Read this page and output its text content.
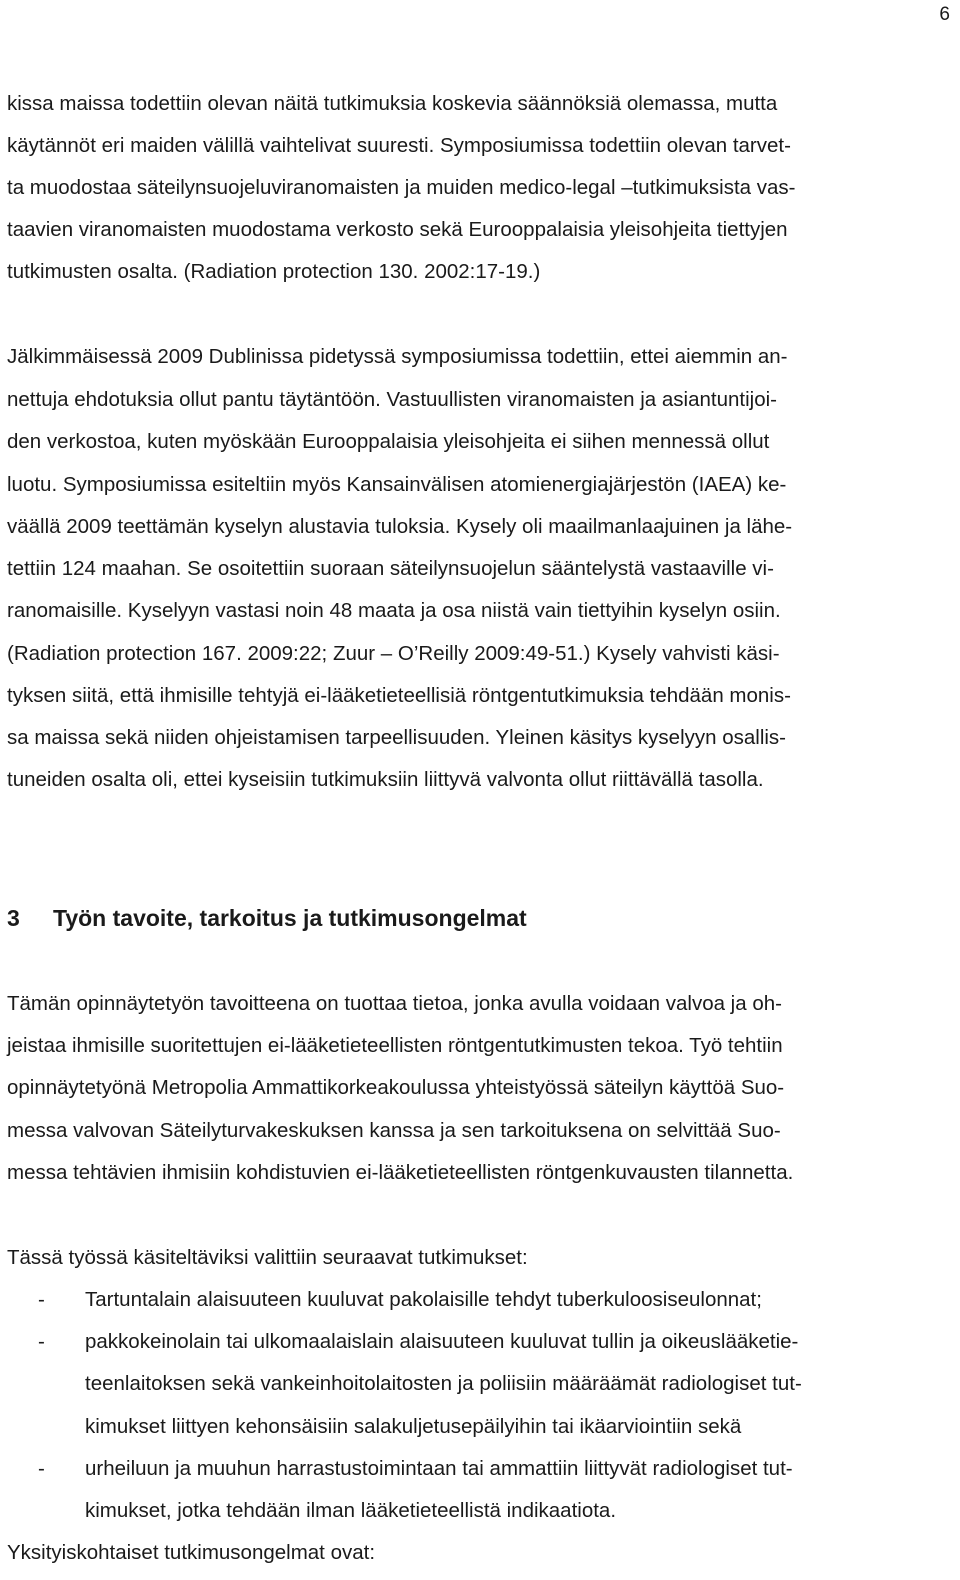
6
kissa maissa todettiin olevan näitä tutkimuksia koskevia säännöksiä olemassa, mutta
käytännöt eri maiden välillä vaihtelivat suuresti. Symposiumissa todettiin olevan tarvet-
ta muodostaa säteilynsuojeluviranomaisten ja muiden medico-legal –tutkimuksista vas-
taavien viranomaisten muodostama verkosto sekä Eurooppalaisia yleisohjeita tiettyjen
tutkimusten osalta. (Radiation protection 130. 2002:17-19.)
Jälkimmäisessä 2009 Dublinissa pidetyssä symposiumissa todettiin, ettei aiemmin an-
nettuja ehdotuksia ollut pantu täytäntöön. Vastuullisten viranomaisten ja asiantuntijoi-
den verkostoa, kuten myöskään Eurooppalaisia yleisohjeita ei siihen mennessä ollut
luotu. Symposiumissa esiteltiin myös Kansainvälisen atomienergiajärjestön (IAEA) ke-
väällä 2009 teettämän kyselyn alustavia tuloksia. Kysely oli maailmanlaajuinen ja lähe-
tettiin 124 maahan. Se osoitettiin suoraan säteilynsuojelun sääntelystä vastaaville vi-
ranomaisille. Kyselyyn vastasi noin 48 maata ja osa niistä vain tiettyihin kyselyn osiin.
(Radiation protection 167. 2009:22; Zuur – O’Reilly 2009:49-51.) Kysely vahvisti käsi-
tyksen siitä, että ihmisille tehtyjä ei-lääketieteellisiä röntgentutkimuksia tehdään monis-
sa maissa sekä niiden ohjeistamisen tarpeellisuuden. Yleinen käsitys kyselyyn osallis-
tuneiden osalta oli, ettei kyseisiin tutkimuksiin liittyvä valvonta ollut riittävällä tasolla.
3 Työn tavoite, tarkoitus ja tutkimusongelmat
Tämän opinnäytetyön tavoitteena on tuottaa tietoa, jonka avulla voidaan valvoa ja oh-
jeistaa ihmisille suoritettujen ei-lääketieteellisten röntgentutkimusten tekoa. Työ tehtiin
opinnäytetyönä Metropolia Ammattikorkeakoulussa yhteistyössä säteilyn käyttöä Suo-
messa valvovan Säteilyturvakeskuksen kanssa ja sen tarkoituksena on selvittää Suo-
messa tehtävien ihmisiin kohdistuvien ei-lääketieteellisten röntgenkuvausten tilannetta.
Tässä työssä käsiteltäviksi valittiin seuraavat tutkimukset:
- Tartuntalain alaisuuteen kuuluvat pakolaisille tehdyt tuberkuloosiseulonnat;
- pakkokeinolain tai ulkomaalaislain alaisuuteen kuuluvat tullin ja oikeuslääketie-
teenlaitoksen sekä vankeinhoitolaitosten ja poliisiin määräämät radiologiset tut-
kimukset liittyen kehonsäisiin salakuljetusepäilyihin tai ikäarviointiin sekä
- urheiluun ja muuhun harrastustoimintaan tai ammattiin liittyvät radiologiset tut-
kimukset, jotka tehdään ilman lääketieteellistä indikaatiota.
Yksityiskohtaiset tutkimusongelmat ovat:
